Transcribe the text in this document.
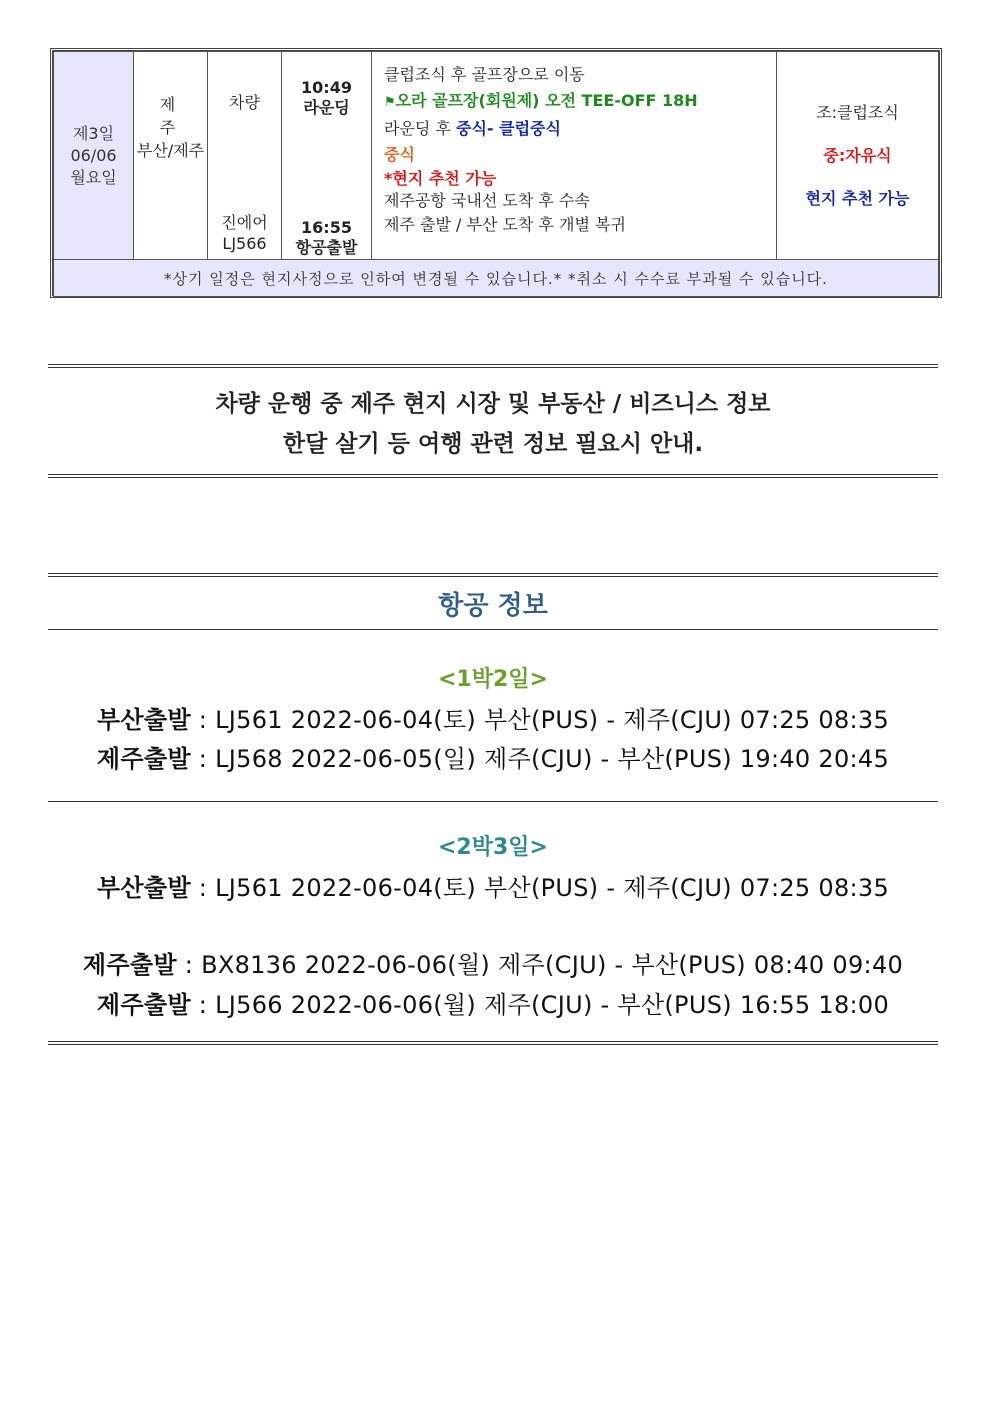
제3일
06/06
월요일

제주
부산/제주

차량
진에어
LJ566

10:49
라운딩
16:55
항공출발

클럽조식 후 골프장으로 이동
⚑오라 골프장(회원제) 오전 TEE-OFF 18H
라운딩 후 중식- 클럽중식
중식
*현지 추천 가능
제주공항 국내선 도착 후 수속
제주 출발 / 부산 도착 후 개별 복귀

조:클럽조식
중:자유식
현지 추천 가능

*상기 일정은 현지사정으로 인하여 변경될 수 있습니다.* *취소 시 수수료 부과될 수 있습니다.
차량 운행 중 제주 현지 시장 및 부동산 / 비즈니스 정보
한달 살기 등 여행 관련 정보 필요시 안내.
항공 정보
<1박2일>
부산출발 : LJ561 2022-06-04(토) 부산(PUS) - 제주(CJU) 07:25 08:35
제주출발 : LJ568 2022-06-05(일) 제주(CJU) - 부산(PUS) 19:40 20:45
<2박3일>
부산출발 : LJ561 2022-06-04(토) 부산(PUS) - 제주(CJU) 07:25 08:35
제주출발 : BX8136 2022-06-06(월) 제주(CJU) - 부산(PUS) 08:40 09:40
제주출발 : LJ566 2022-06-06(월) 제주(CJU) - 부산(PUS) 16:55 18:00
